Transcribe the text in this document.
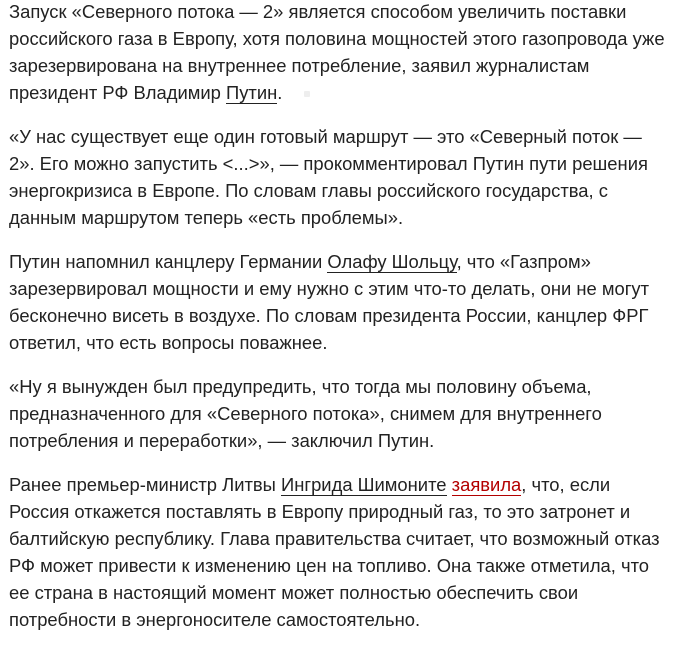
Запуск «Северного потока — 2» является способом увеличить поставки российского газа в Европу, хотя половина мощностей этого газопровода уже зарезервирована на внутреннее потребление, заявил журналистам президент РФ Владимир Путин.

«У нас существует еще один готовый маршрут — это «Северный поток — 2». Его можно запустить <...>», — прокомментировал Путин пути решения энергокризиса в Европе. По словам главы российского государства, с данным маршрутом теперь «есть проблемы».

Путин напомнил канцлеру Германии Олафу Шольцу, что «Газпром» зарезервировал мощности и ему нужно с этим что-то делать, они не могут бесконечно висеть в воздухе. По словам президента России, канцлер ФРГ ответил, что есть вопросы поважнее.

«Ну я вынужден был предупредить, что тогда мы половину объема, предназначенного для «Северного потока», снимем для внутреннего потребления и переработки», — заключил Путин.

Ранее премьер-министр Литвы Ингрида Шимоните заявила, что, если Россия откажется поставлять в Европу природный газ, то это затронет и балтийскую республику. Глава правительства считает, что возможный отказ РФ может привести к изменению цен на топливо. Она также отметила, что ее страна в настоящий момент может полностью обеспечить свои потребности в энергоносителе самостоятельно.
